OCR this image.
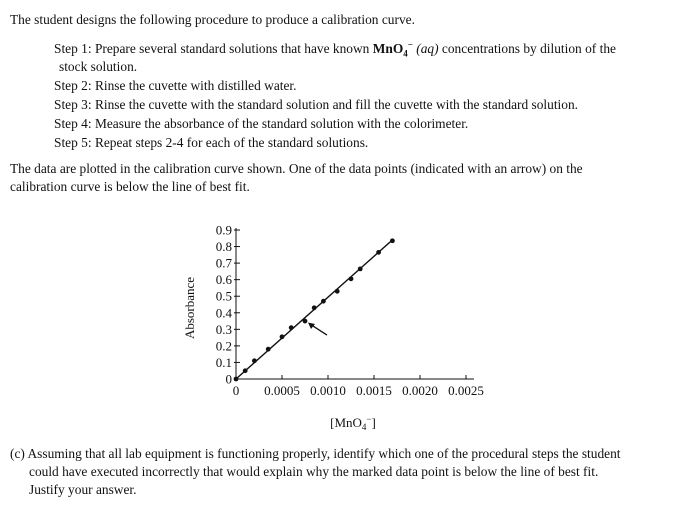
The student designs the following procedure to produce a calibration curve.
Step 1: Prepare several standard solutions that have known MnO$_4$− (aq) concentrations by dilution of the
stock solution.
Step 2: Rinse the cuvette with distilled water.
Step 3: Rinse the cuvette with the standard solution and fill the cuvette with the standard solution.
Step 4: Measure the absorbance of the standard solution with the colorimeter.
Step 5: Repeat steps 2-4 for each of the standard solutions.
The data are plotted in the calibration curve shown. One of the data points (indicated with an arrow) on the
calibration curve is below the line of best fit.
Absorbance
0
0.1
0.2
0.3
0.4
0.5
0.6
0.7
0.8
0.9
0 0.0005 0.0010 0.0015 0.0020 0.0025
[MnO$_4$−]
(c) Assuming that all lab equipment is functioning properly, identify which one of the procedural steps the student
could have executed incorrectly that would explain why the marked data point is below the line of best fit.
Justify your answer.
